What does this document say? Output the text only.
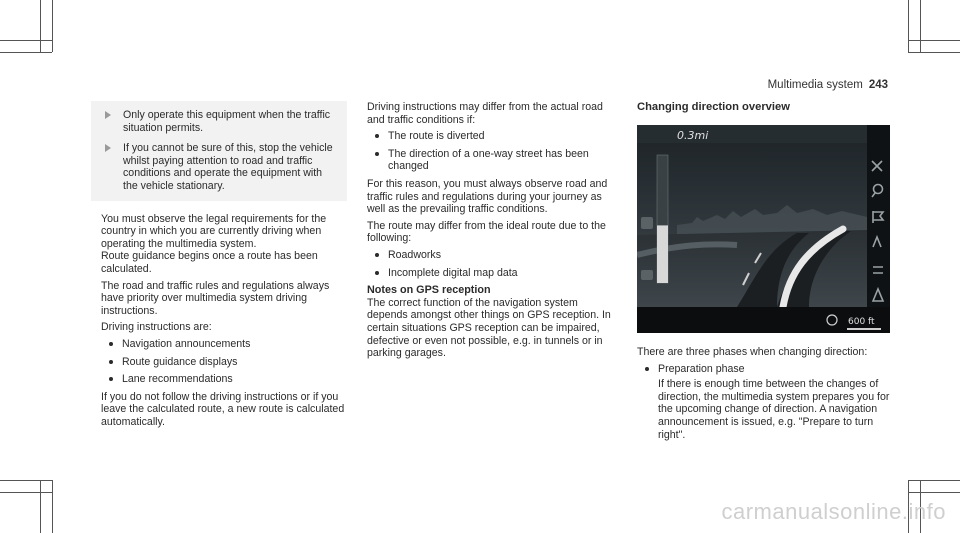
Multimedia system 243
Only operate this equipment when the traffic situation permits.
If you cannot be sure of this, stop the vehicle whilst paying attention to road and traffic conditions and operate the equipment with the vehicle stationary.

You must observe the legal requirements for the country in which you are currently driving when operating the multimedia system.

Route guidance begins once a route has been calculated.

The road and traffic rules and regulations always have priority over multimedia system driving instructions.

Driving instructions are:

Navigation announcements
Route guidance displays
Lane recommendations

If you do not follow the driving instructions or if you leave the calculated route, a new route is calculated automatically.

Driving instructions may differ from the actual road and traffic conditions if:

The route is diverted
The direction of a one-way street has been changed

For this reason, you must always observe road and traffic rules and regulations during your journey as well as the prevailing traffic conditions.

The route may differ from the ideal route due to the following:

Roadworks
Incomplete digital map data
Notes on GPS reception

The correct function of the navigation system depends amongst other things on GPS reception. In certain situations GPS reception can be impaired, defective or even not possible, e.g. in tunnels or in parking garages.

Changing direction overview
0.3mi
600 ft

There are three phases when changing direction:

Preparation phase
If there is enough time between the changes of direction, the multimedia system prepares you for the upcoming change of direction. A navigation announcement is issued, e.g. "Prepare to turn right".
carmanualsonline.info
